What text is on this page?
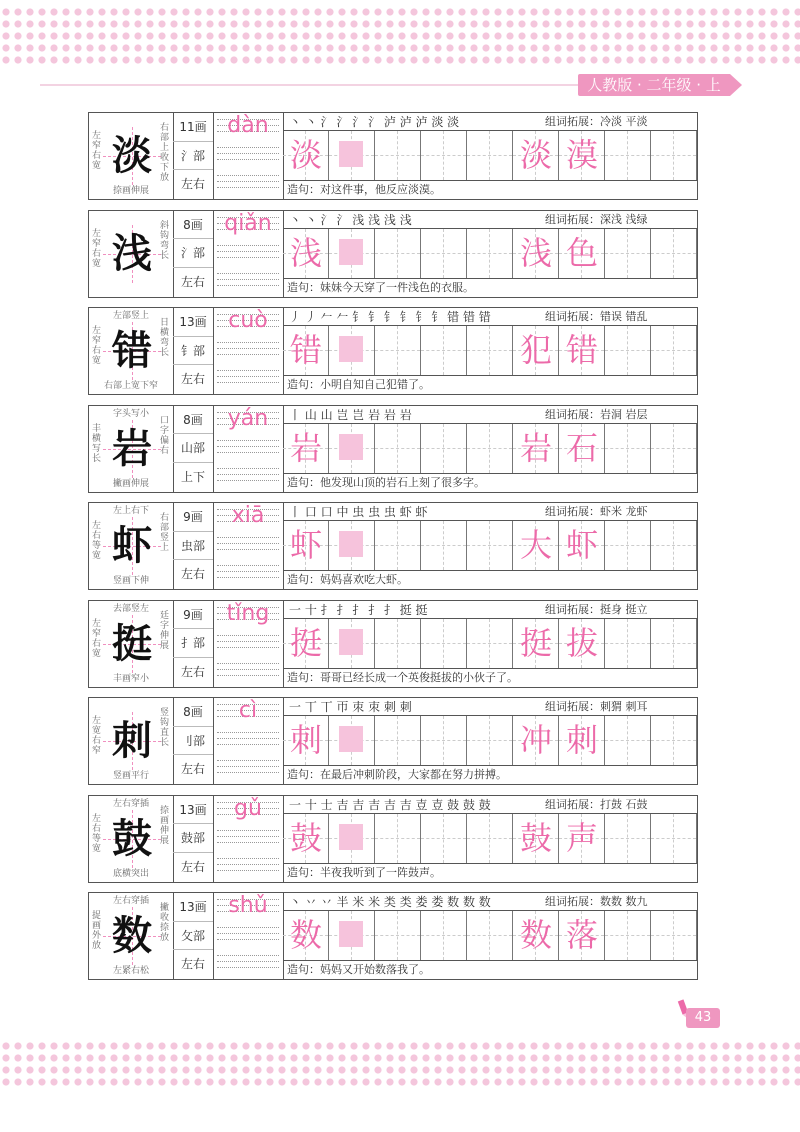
人教版 · 二年级 · 上
左窄右宽 淡
右部上收下放
捺画伸展
11画
氵部
左右
dàn	丶 丶 氵 氵 氵 氵 泸 泸 泸 淡 淡	组词拓展：冷淡 平淡
淡	淡 漠
造句：对这件事，他反应淡漠。
左窄右宽 浅
斜钩弯长
8画
氵部
左右
qiǎn	丶 丶 氵 氵 浅 浅 浅 浅	组词拓展：深浅 浅绿
浅	浅 色
造句：妹妹今天穿了一件浅色的衣服。
左部竖上
左窄右宽 错
日横弯长
右部上宽下窄
13画
钅部
左右
cuò	丿 丿 𠂉 𠂉 钅 钅 钅 钅 钅 钅 错 错 错	组词拓展：错误 错乱
错	犯 错
造句：小明自知自己犯错了。
字头写小
丰横写长 岩
口字偏右
撇画伸展
8画
山部
上下
yán	丨 山 山 岂 岂 岩 岩 岩	组词拓展：岩洞 岩层
岩	岩 石
造句：他发现山顶的岩石上刻了很多字。
左上右下
左右等宽 虾
右部竖上
竖画下伸
9画
虫部
左右
xiā	丨 口 口 中 虫 虫 虫 虾 虾	组词拓展：虾米 龙虾
虾	大 虾
造句：妈妈喜欢吃大虾。
去部竖左
左窄右宽 挺
廷字伸展
丰画窄小
9画
扌部
左右
tǐng	一 十 扌 扌 扌 扌 扌 挺 挺	组词拓展：挺身 挺立
挺	挺 拔
造句：哥哥已经长成一个英俊挺拔的小伙子了。
左宽右窄 刺
竖钩直长
竖画平行
8画
刂部
左右
cì	一 丅 丅 帀 朿 朿 刺 刺	组词拓展：刺猬 刺耳
刺	冲 刺
造句：在最后冲刺阶段，大家都在努力拼搏。
左右穿插
左右等宽 鼓
捺画伸展
底横突出
13画
鼓部
左右
gǔ	一 十 士 吉 吉 吉 吉 吉 壴 壴 鼓 鼓 鼓	组词拓展：打鼓 石鼓
鼓	鼓 声
造句：半夜我听到了一阵鼓声。
左右穿插
捉画外放 数
撇收捺放
左紧右松
13画
攵部
左右
shǔ	丶 丷 丷 半 米 米 类 类 娄 娄 数 数 数	组词拓展：数数 数九
数	数 落
造句：妈妈又开始数落我了。
43
